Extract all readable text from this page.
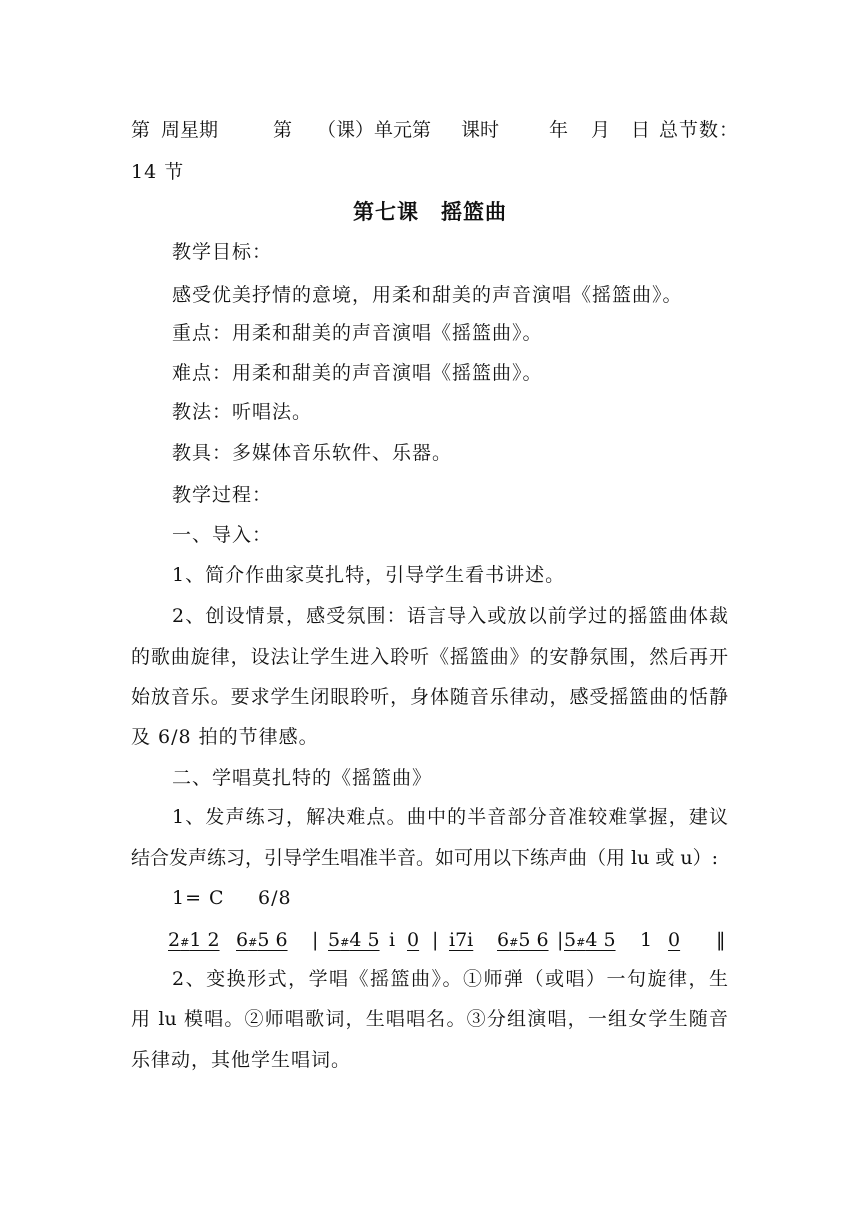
第 周星期	第 （课）单元第 课时	年 月 日 总节数：
14 节
第七课　摇篮曲
教学目标：
感受优美抒情的意境，用柔和甜美的声音演唱《摇篮曲》。
重点：用柔和甜美的声音演唱《摇篮曲》。
难点：用柔和甜美的声音演唱《摇篮曲》。
教法：听唱法。
教具：多媒体音乐软件、乐器。
教学过程：
一、导入：
1、简介作曲家莫扎特，引导学生看书讲述。
2、创设情景，感受氛围：语言导入或放以前学过的摇篮曲体裁
的歌曲旋律，设法让学生进入聆听《摇篮曲》的安静氛围，然后再开
始放音乐。要求学生闭眼聆听，身体随音乐律动，感受摇篮曲的恬静
及 6/8 拍的节律感。
二、学唱莫扎特的《摇篮曲》
1、发声练习，解决难点。曲中的半音部分音准较难掌握，建议
结合发声练习，引导学生唱准半音。如可用以下练声曲（用 lu 或 u）:
1= C 6/8
2#1 2 6#5 6 | 5#4 5 i 0 | i7i 6#5 6 | 5#4 5 1 0 ‖
2、变换形式，学唱《摇篮曲》。①师弹（或唱）一句旋律，生
用 lu 模唱。②师唱歌词，生唱唱名。③分组演唱，一组女学生随音
乐律动，其他学生唱词。
